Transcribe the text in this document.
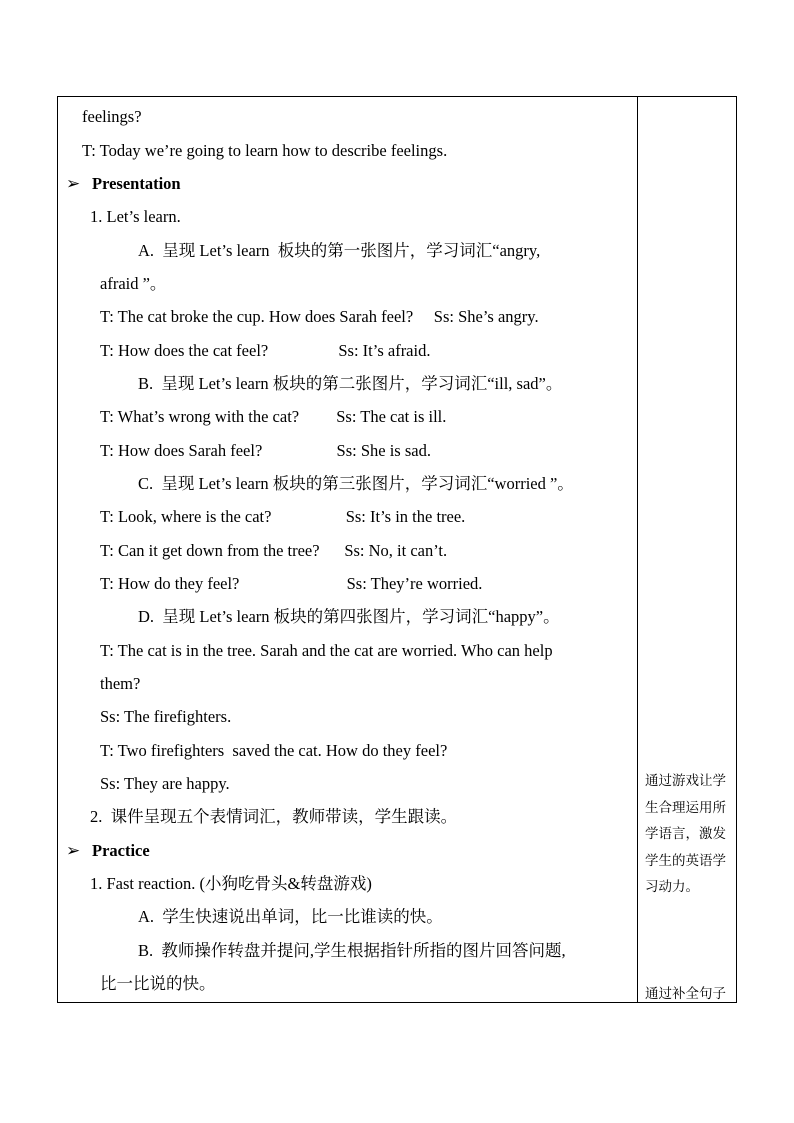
feelings?
T: Today we’re going to learn how to describe feelings.
➢ Presentation
1. Let’s learn.
A.  呈现 Let’s learn  板块的第一张图片，学习词汇“angry,
afraid ”。
T: The cat broke the cup. How does Sarah feel?     Ss: She’s angry.
T: How does the cat feel?                 Ss: It’s afraid.
B.  呈现 Let’s learn 板块的第二张图片，学习词汇“ill, sad”。
T: What’s wrong with the cat?         Ss: The cat is ill.
T: How does Sarah feel?                  Ss: She is sad.
C.  呈现 Let’s learn 板块的第三张图片，学习词汇“worried ”。
T: Look, where is the cat?                  Ss: It’s in the tree.
T: Can it get down from the tree?      Ss: No, it can’t.
T: How do they feel?                          Ss: They’re worried.
D.  呈现 Let’s learn 板块的第四张图片，学习词汇“happy”。
T: The cat is in the tree. Sarah and the cat are worried. Who can help
them?
Ss: The firefighters.
T: Two firefighters  saved the cat. How do they feel?
Ss: They are happy.
2.  课件呈现五个表情词汇，教师带读，学生跟读。
➢ Practice
1. Fast reaction. (小狗吃骨头&转盘游戏)
A.  学生快速说出单词，比一比谁读的快。
B.  教师操作转盘并提问,学生根据指针所指的图片回答问题,
比一比说的快。
通过游戏让学
生合理运用所
学语言，激发
学生的英语学
习动力。
通过补全句子
